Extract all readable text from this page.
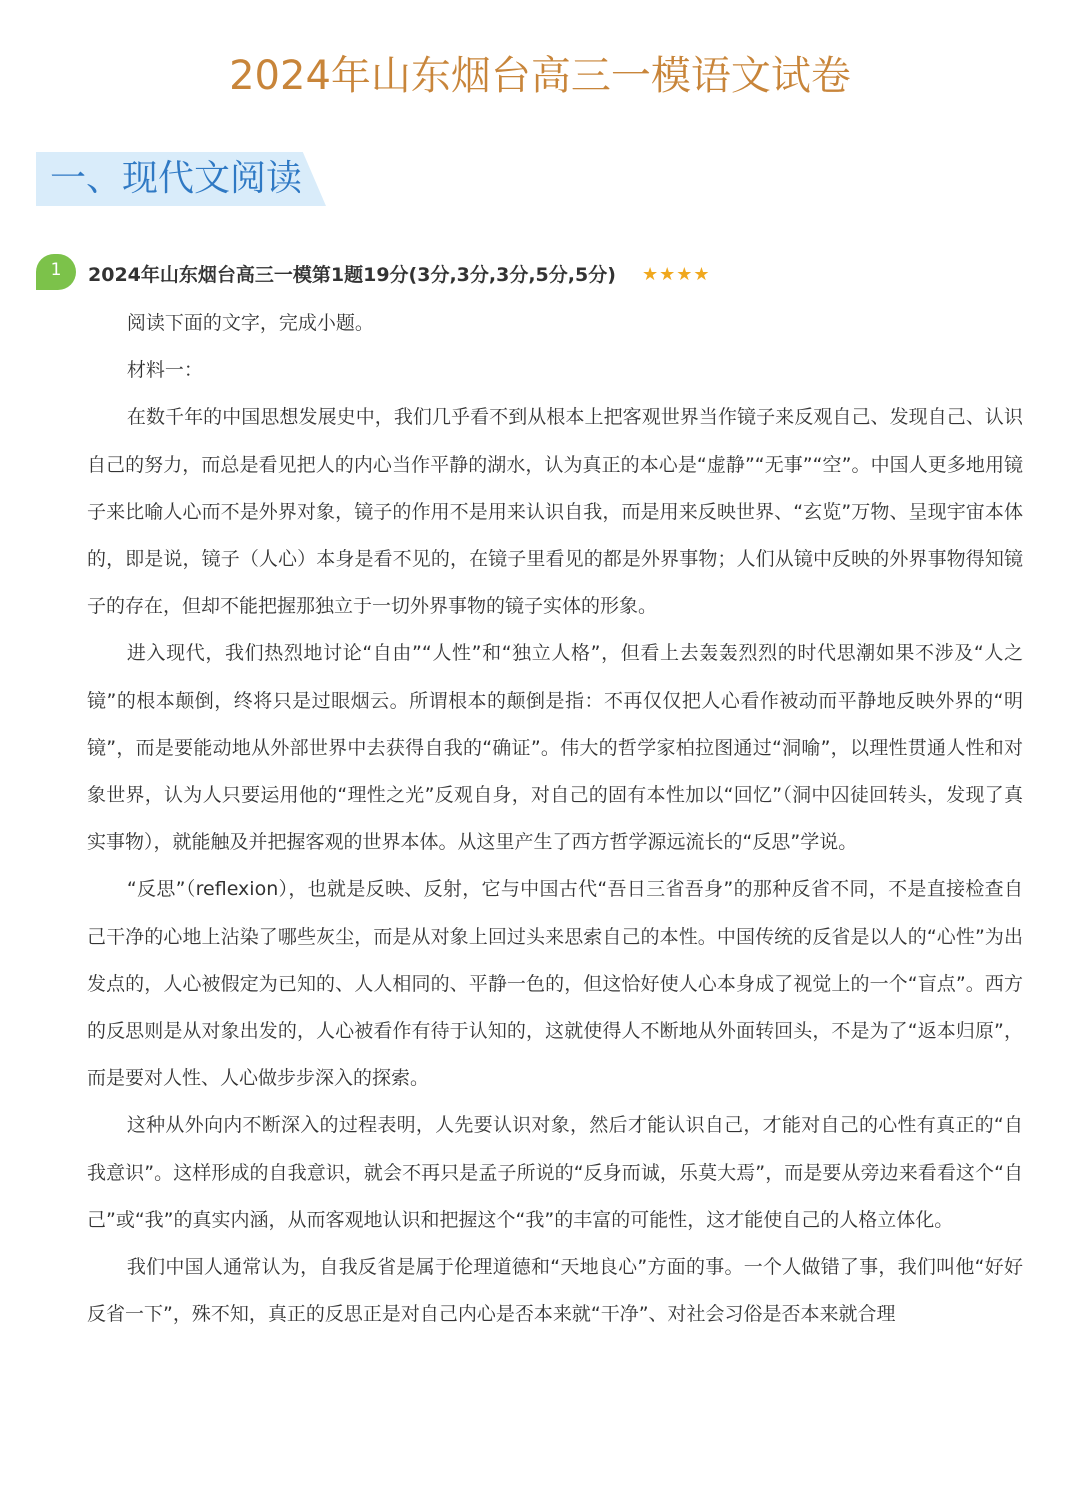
2024年山东烟台高三一模语文试卷
一、现代文阅读
1	2024年山东烟台高三一模第1题19分(3分,3分,3分,5分,5分) ★★★★

阅读下面的文字，完成小题。

材料一：

在数千年的中国思想发展史中，我们几乎看不到从根本上把客观世界当作镜子来反观自己、发现自己、认识自己的努力，而总是看见把人的内心当作平静的湖水，认为真正的本心是“虚静”“无事”“空”。中国人更多地用镜子来比喻人心而不是外界对象，镜子的作用不是用来认识自我，而是用来反映世界、“玄览”万物、呈现宇宙本体的，即是说，镜子（人心）本身是看不见的，在镜子里看见的都是外界事物；人们从镜中反映的外界事物得知镜子的存在，但却不能把握那独立于一切外界事物的镜子实体的形象。

进入现代，我们热烈地讨论“自由”“人性”和“独立人格”，但看上去轰轰烈烈的时代思潮如果不涉及“人之镜”的根本颠倒，终将只是过眼烟云。所谓根本的颠倒是指：不再仅仅把人心看作被动而平静地反映外界的“明镜”，而是要能动地从外部世界中去获得自我的“确证”。伟大的哲学家柏拉图通过“洞喻”，以理性贯通人性和对象世界，认为人只要运用他的“理性之光”反观自身，对自己的固有本性加以“回忆”（洞中囚徒回转头，发现了真实事物），就能触及并把握客观的世界本体。从这里产生了西方哲学源远流长的“反思”学说。

“反思”（reflexion），也就是反映、反射，它与中国古代“吾日三省吾身”的那种反省不同，不是直接检查自己干净的心地上沾染了哪些灰尘，而是从对象上回过头来思索自己的本性。中国传统的反省是以人的“心性”为出发点的，人心被假定为已知的、人人相同的、平静一色的，但这恰好使人心本身成了视觉上的一个“盲点”。西方的反思则是从对象出发的，人心被看作有待于认知的，这就使得人不断地从外面转回头，不是为了“返本归原”，而是要对人性、人心做步步深入的探索。

这种从外向内不断深入的过程表明，人先要认识对象，然后才能认识自己，才能对自己的心性有真正的“自我意识”。这样形成的自我意识，就会不再只是孟子所说的“反身而诚，乐莫大焉”，而是要从旁边来看看这个“自己”或“我”的真实内涵，从而客观地认识和把握这个“我”的丰富的可能性，这才能使自己的人格立体化。

我们中国人通常认为，自我反省是属于伦理道德和“天地良心”方面的事。一个人做错了事，我们叫他“好好反省一下”，殊不知，真正的反思正是对自己内心是否本来就“干净”、对社会习俗是否本来就合理
